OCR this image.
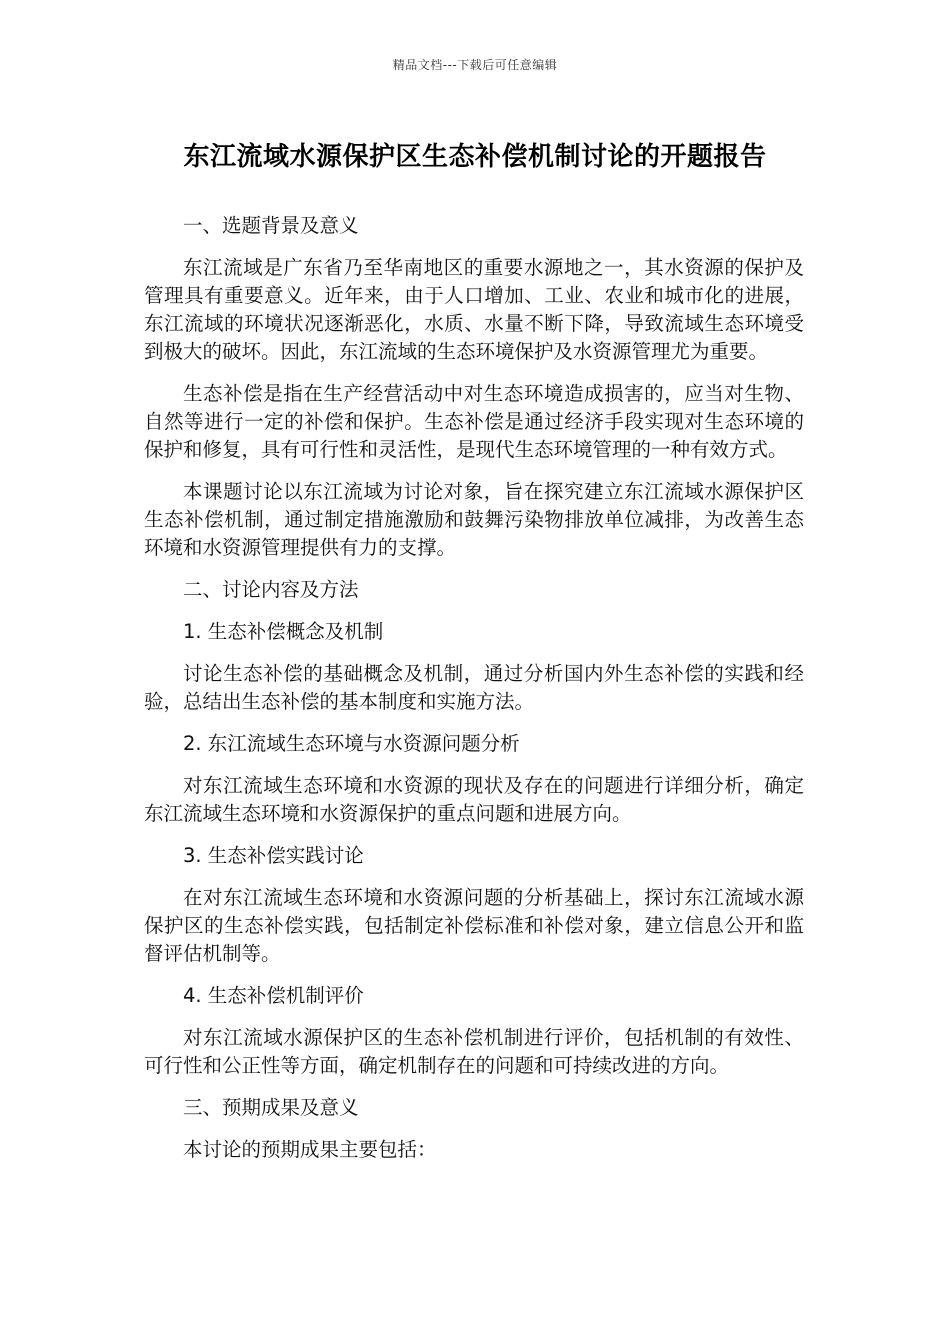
精品文档---下载后可任意编辑
东江流域水源保护区生态补偿机制讨论的开题报告

一、选题背景及意义

东江流域是广东省乃至华南地区的重要水源地之一，其水资源的保护及管理具有重要意义。近年来，由于人口增加、工业、农业和城市化的进展，东江流域的环境状况逐渐恶化，水质、水量不断下降，导致流域生态环境受到极大的破坏。因此，东江流域的生态环境保护及水资源管理尤为重要。

生态补偿是指在生产经营活动中对生态环境造成损害的，应当对生物、自然等进行一定的补偿和保护。生态补偿是通过经济手段实现对生态环境的保护和修复，具有可行性和灵活性，是现代生态环境管理的一种有效方式。

本课题讨论以东江流域为讨论对象，旨在探究建立东江流域水源保护区生态补偿机制，通过制定措施激励和鼓舞污染物排放单位减排，为改善生态环境和水资源管理提供有力的支撑。

二、讨论内容及方法

1. 生态补偿概念及机制

讨论生态补偿的基础概念及机制，通过分析国内外生态补偿的实践和经验，总结出生态补偿的基本制度和实施方法。

2. 东江流域生态环境与水资源问题分析

对东江流域生态环境和水资源的现状及存在的问题进行详细分析，确定东江流域生态环境和水资源保护的重点问题和进展方向。

3. 生态补偿实践讨论

在对东江流域生态环境和水资源问题的分析基础上，探讨东江流域水源保护区的生态补偿实践，包括制定补偿标准和补偿对象，建立信息公开和监督评估机制等。

4. 生态补偿机制评价

对东江流域水源保护区的生态补偿机制进行评价，包括机制的有效性、可行性和公正性等方面，确定机制存在的问题和可持续改进的方向。

三、预期成果及意义

本讨论的预期成果主要包括：
